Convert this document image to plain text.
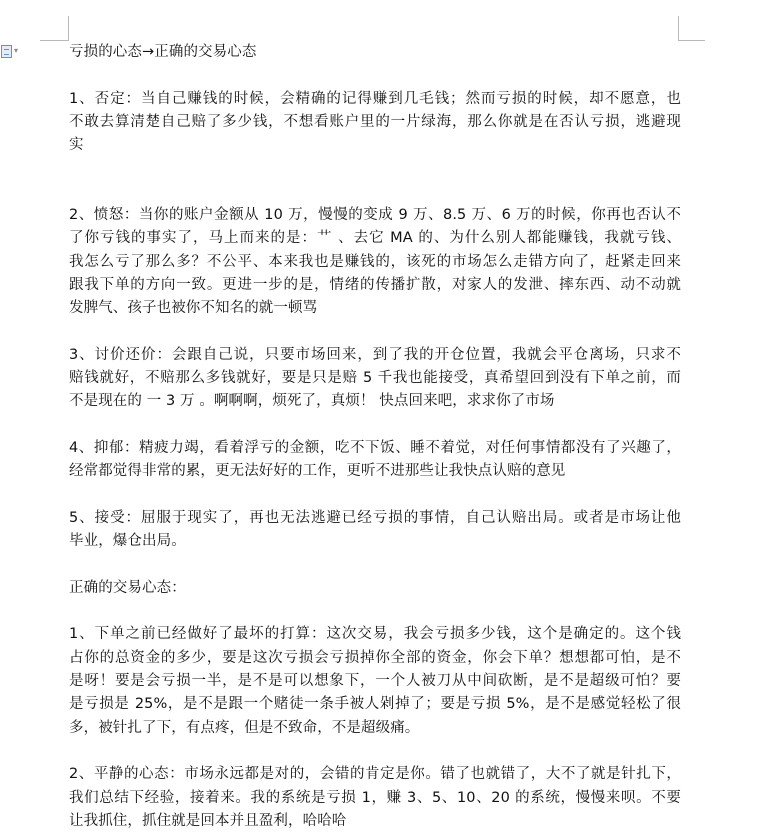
▾	亏损的心态→正确的交易心态
1、否定：当自己赚钱的时候，会精确的记得赚到几毛钱；然而亏损的时候，却不愿意，也
不敢去算清楚自己赔了多少钱，不想看账户里的一片绿海，那么你就是在否认亏损，逃避现
实
2、愤怒：当你的账户金额从 10 万，慢慢的变成 9 万、8.5 万、6 万的时候，你再也否认不
了你亏钱的事实了，马上而来的是：艹 、去它 MA 的、为什么别人都能赚钱，我就亏钱、
我怎么亏了那么多？不公平、本来我也是赚钱的，该死的市场怎么走错方向了，赶紧走回来
跟我下单的方向一致。更进一步的是，情绪的传播扩散，对家人的发泄、摔东西、动不动就
发脾气、孩子也被你不知名的就一顿骂
3、讨价还价：会跟自己说，只要市场回来，到了我的开仓位置，我就会平仓离场，只求不
赔钱就好，不赔那么多钱就好，要是只是赔 5 千我也能接受，真希望回到没有下单之前，而
不是现在的 一 3 万 。啊啊啊，烦死了，真烦！ 快点回来吧，求求你了市场
4、抑郁：精疲力竭，看着浮亏的金额，吃不下饭、睡不着觉，对任何事情都没有了兴趣了，
经常都觉得非常的累，更无法好好的工作，更听不进那些让我快点认赔的意见
5、接受：屈服于现实了，再也无法逃避已经亏损的事情，自己认赔出局。或者是市场让他
毕业，爆仓出局。
正确的交易心态：
1、下单之前已经做好了最坏的打算：这次交易，我会亏损多少钱，这个是确定的。这个钱
占你的总资金的多少，要是这次亏损会亏损掉你全部的资金，你会下单？想想都可怕，是不
是呀！要是会亏损一半，是不是可以想象下，一个人被刀从中间砍断，是不是超级可怕？要
是亏损是 25%，是不是跟一个赌徒一条手被人剁掉了；要是亏损 5%，是不是感觉轻松了很
多，被针扎了下，有点疼，但是不致命，不是超级痛。
2、平静的心态：市场永远都是对的，会错的肯定是你。错了也就错了，大不了就是针扎下，
我们总结下经验，接着来。我的系统是亏损 1，赚 3、5、10、20 的系统，慢慢来呗。不要
让我抓住，抓住就是回本并且盈利，哈哈哈
